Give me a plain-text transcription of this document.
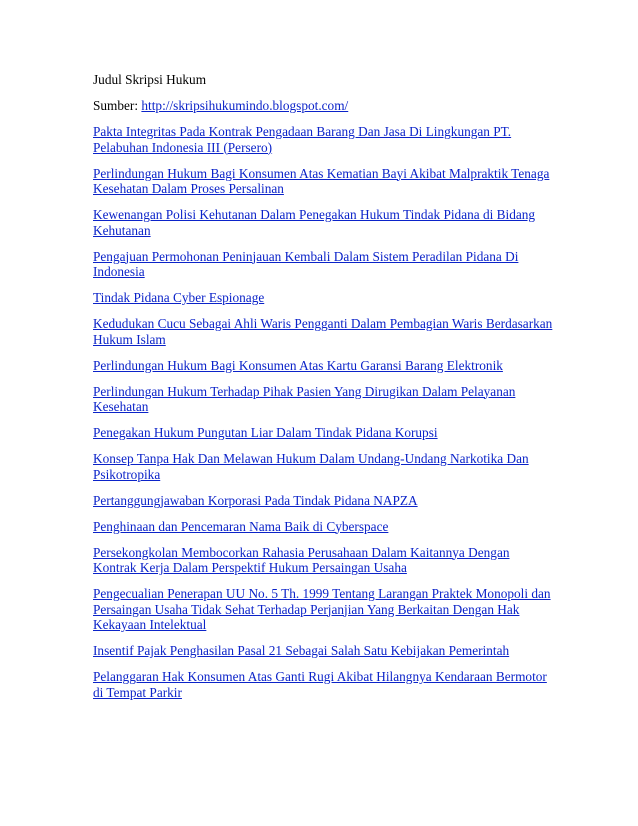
Judul Skripsi Hukum
Sumber: http://skripsihukumindo.blogspot.com/
Pakta Integritas Pada Kontrak Pengadaan Barang Dan Jasa Di Lingkungan PT. Pelabuhan Indonesia III (Persero)
Perlindungan Hukum Bagi Konsumen Atas Kematian Bayi Akibat Malpraktik Tenaga Kesehatan Dalam Proses Persalinan
Kewenangan Polisi Kehutanan Dalam Penegakan Hukum Tindak Pidana di Bidang Kehutanan
Pengajuan Permohonan Peninjauan Kembali Dalam Sistem Peradilan Pidana Di Indonesia
Tindak Pidana Cyber Espionage
Kedudukan Cucu Sebagai Ahli Waris Pengganti Dalam Pembagian Waris Berdasarkan Hukum Islam
Perlindungan Hukum Bagi Konsumen Atas Kartu Garansi Barang Elektronik
Perlindungan Hukum Terhadap Pihak Pasien Yang Dirugikan Dalam Pelayanan Kesehatan
Penegakan Hukum Pungutan Liar Dalam Tindak Pidana Korupsi
Konsep Tanpa Hak Dan Melawan Hukum Dalam Undang-Undang Narkotika Dan Psikotropika
Pertanggungjawaban Korporasi Pada Tindak Pidana NAPZA
Penghinaan dan Pencemaran Nama Baik di Cyberspace
Persekongkolan Membocorkan Rahasia Perusahaan Dalam Kaitannya Dengan Kontrak Kerja Dalam Perspektif Hukum Persaingan Usaha
Pengecualian Penerapan UU No. 5 Th. 1999 Tentang Larangan Praktek Monopoli dan Persaingan Usaha Tidak Sehat Terhadap Perjanjian Yang Berkaitan Dengan Hak Kekayaan Intelektual
Insentif Pajak Penghasilan Pasal 21 Sebagai Salah Satu Kebijakan Pemerintah
Pelanggaran Hak Konsumen Atas Ganti Rugi Akibat Hilangnya Kendaraan Bermotor di Tempat Parkir
